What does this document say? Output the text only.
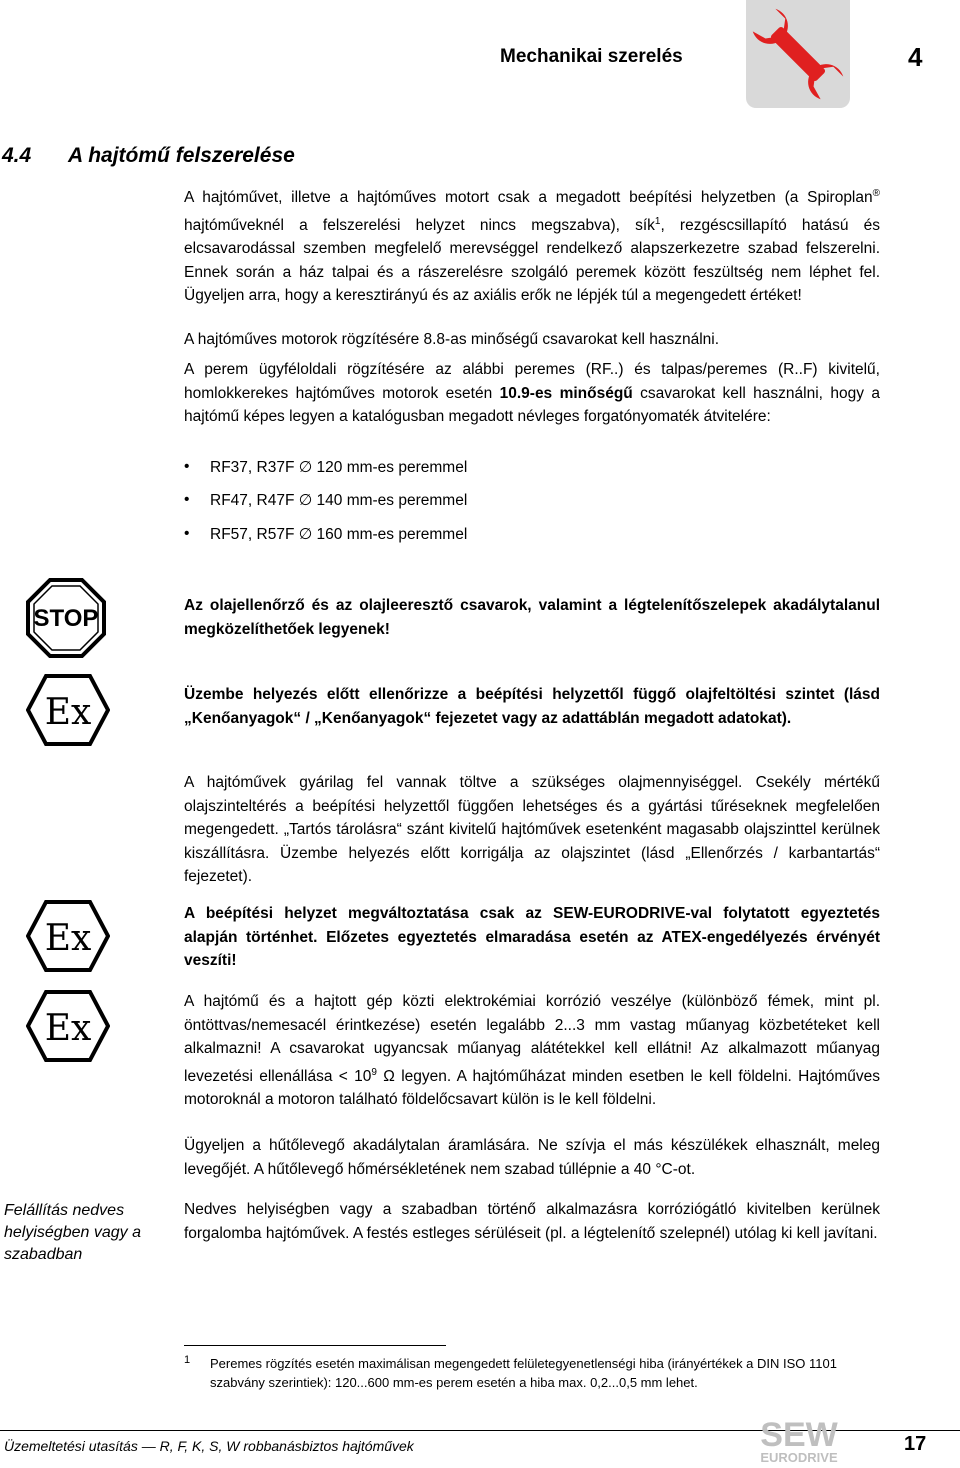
Mechanikai szerelés	4
4.4 A hajtómű felszerelése

A hajtóművet, illetve a hajtóműves motort csak a megadott beépítési helyzetben (a Spiroplan® hajtóműveknél a felszerelési helyzet nincs megszabva), sík$^1$, rezgéscsillapító hatású és elcsavarodással szemben megfelelő merevséggel rendelkező alapszerkezetre szabad felszerelni. Ennek során a ház talpai és a rászerelésre szolgáló peremek között feszültség nem léphet fel. Ügyeljen arra, hogy a keresztirányú és az axiális erők ne lépjék túl a megengedett értéket!

A hajtóműves motorok rögzítésére 8.8-as minőségű csavarokat kell használni.

A perem ügyféloldali rögzítésére az alábbi peremes (RF..) és talpas/peremes (R..F) kivitelű, homlokkerekes hajtóműves motorok esetén 10.9-es minőségű csavarokat kell használni, hogy a hajtómű képes legyen a katalógusban megadott névleges forgatónyomaték átvitelére:

• RF37, R37F ∅ 120 mm-es peremmel
• RF47, R47F ∅ 140 mm-es peremmel
• RF57, R57F ∅ 160 mm-es peremmel
STOP	Az olajellenőrző és az olajleeresztő csavarok, valamint a légtelenítőszelepek akadálytalanul megközelíthetőek legyenek!
Ex	Üzembe helyezés előtt ellenőrizze a beépítési helyzettől függő olajfeltöltési szintet (lásd „Kenőanyagok“ / „Kenőanyagok“ fejezetet vagy az adattáblán megadott adatokat).
A hajtóművek gyárilag fel vannak töltve a szükséges olajmennyiséggel. Csekély mértékű olajszinteltérés a beépítési helyzettől függően lehetséges és a gyártási tűréseknek megfelelően megengedett. „Tartós tárolásra“ szánt kivitelű hajtóművek esetenként magasabb olajszinttel kerülnek kiszállításra. Üzembe helyezés előtt korrigálja az olajszintet (lásd „Ellenőrzés / karbantartás“ fejezetet).
Ex
A beépítési helyzet megváltoztatása csak az SEW-EURODRIVE-val folytatott egyeztetés alapján történhet. Előzetes egyeztetés elmaradása esetén az ATEX-engedélyezés érvényét veszíti!
Ex

A hajtómű és a hajtott gép közti elektrokémiai korrózió veszélye (különböző fémek, mint pl. öntöttvas/nemesacél érintkezése) esetén legalább 2...3 mm vastag műanyag közbetéteket kell alkalmazni! A csavarokat ugyancsak műanyag alátétekkel kell ellátni! Az alkalmazott műanyag levezetési ellenállása < $10^9$ Ω legyen. A hajtóműházat minden esetben le kell földelni. Hajtóműves motoroknál a motoron található földelőcsavart külön is le kell földelni.

Ügyeljen a hűtőlevegő akadálytalan áramlására. Ne szívja el más készülékek elhasznált, meleg levegőjét. A hűtőlevegő hőmérsékletének nem szabad túllépnie a 40 °C-ot.
Felállítás nedves helyiségben vagy a szabadban
Nedves helyiségben vagy a szabadban történő alkalmazásra korróziógátló kivitelben kerülnek forgalomba hajtóművek. A festés estleges sérüléseit (pl. a légtelenítő szelepnél) utólag ki kell javítani.
1 Peremes rögzítés esetén maximálisan megengedett felületegyenetlenségi hiba (irányértékek a DIN ISO 1101 szabvány szerintiek): 120...600 mm-es perem esetén a hiba max. 0,2...0,5 mm lehet.
SEW
EURODRIVE
Üzemeltetési utasítás — R, F, K, S, W robbanásbiztos hajtóművek	17
